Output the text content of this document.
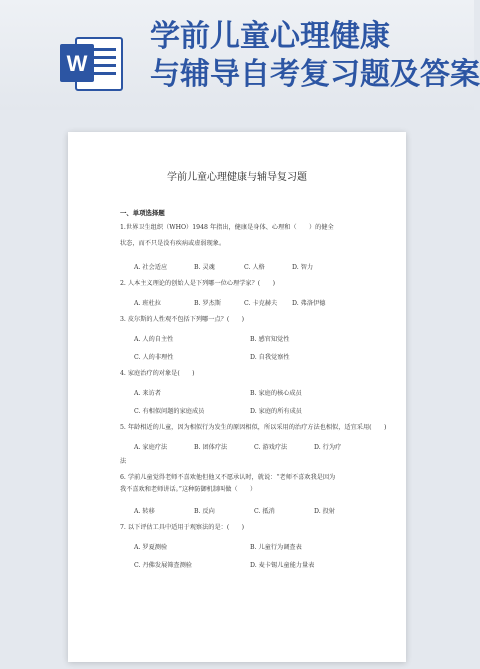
W
学前儿童心理健康
与辅导自考复习题及答案
学前儿童心理健康与辅导复习题
一、单项选择题
1.世界卫生组织（WHO）1948 年指出，健康是身体、心理和（　　）的健全
状态，而不只是没有疾病或虚弱现象。
A. 社会适应	B. 灵魂	C. 人格	D. 智力
2. 人本主义理论的创始人是下列哪一位心理学家？(　　)
A. 班杜拉	B. 罗杰斯	C. 卡克赫夫 D. 弗洛伊德
3. 皮尔斯的人性观不包括下列哪一点？(　　)
A. 人的自主性	B. 感官知觉性
C. 人的非理性	D. 自我觉察性
4. 家庭治疗的对象是(　　)
A. 来访者	B. 家庭的核心成员
C. 有相似问题的家庭成员	D. 家庭的所有成员
5. 年龄相近的儿童，因为相似行为发生的原因相似，所以采用的治疗方法也相似，适宜采用(　　)
A. 家庭疗法	B. 团体疗法	C. 游戏疗法	D. 行为疗
法
6. 学前儿童觉得老师不喜欢他但他又不愿承认时，就说：“老师不喜欢我是因为
我不喜欢和老师讲话。”这种防御机制叫做（　　）
A. 转移	B. 反向	C. 抵消	D. 投射
7. 以下评估工具中适用于观察法的是：(　　)
A. 罗夏测验	B. 儿童行为调查表
C. 丹佛发展筛查测验	D. 麦卡锡儿童能力量表
